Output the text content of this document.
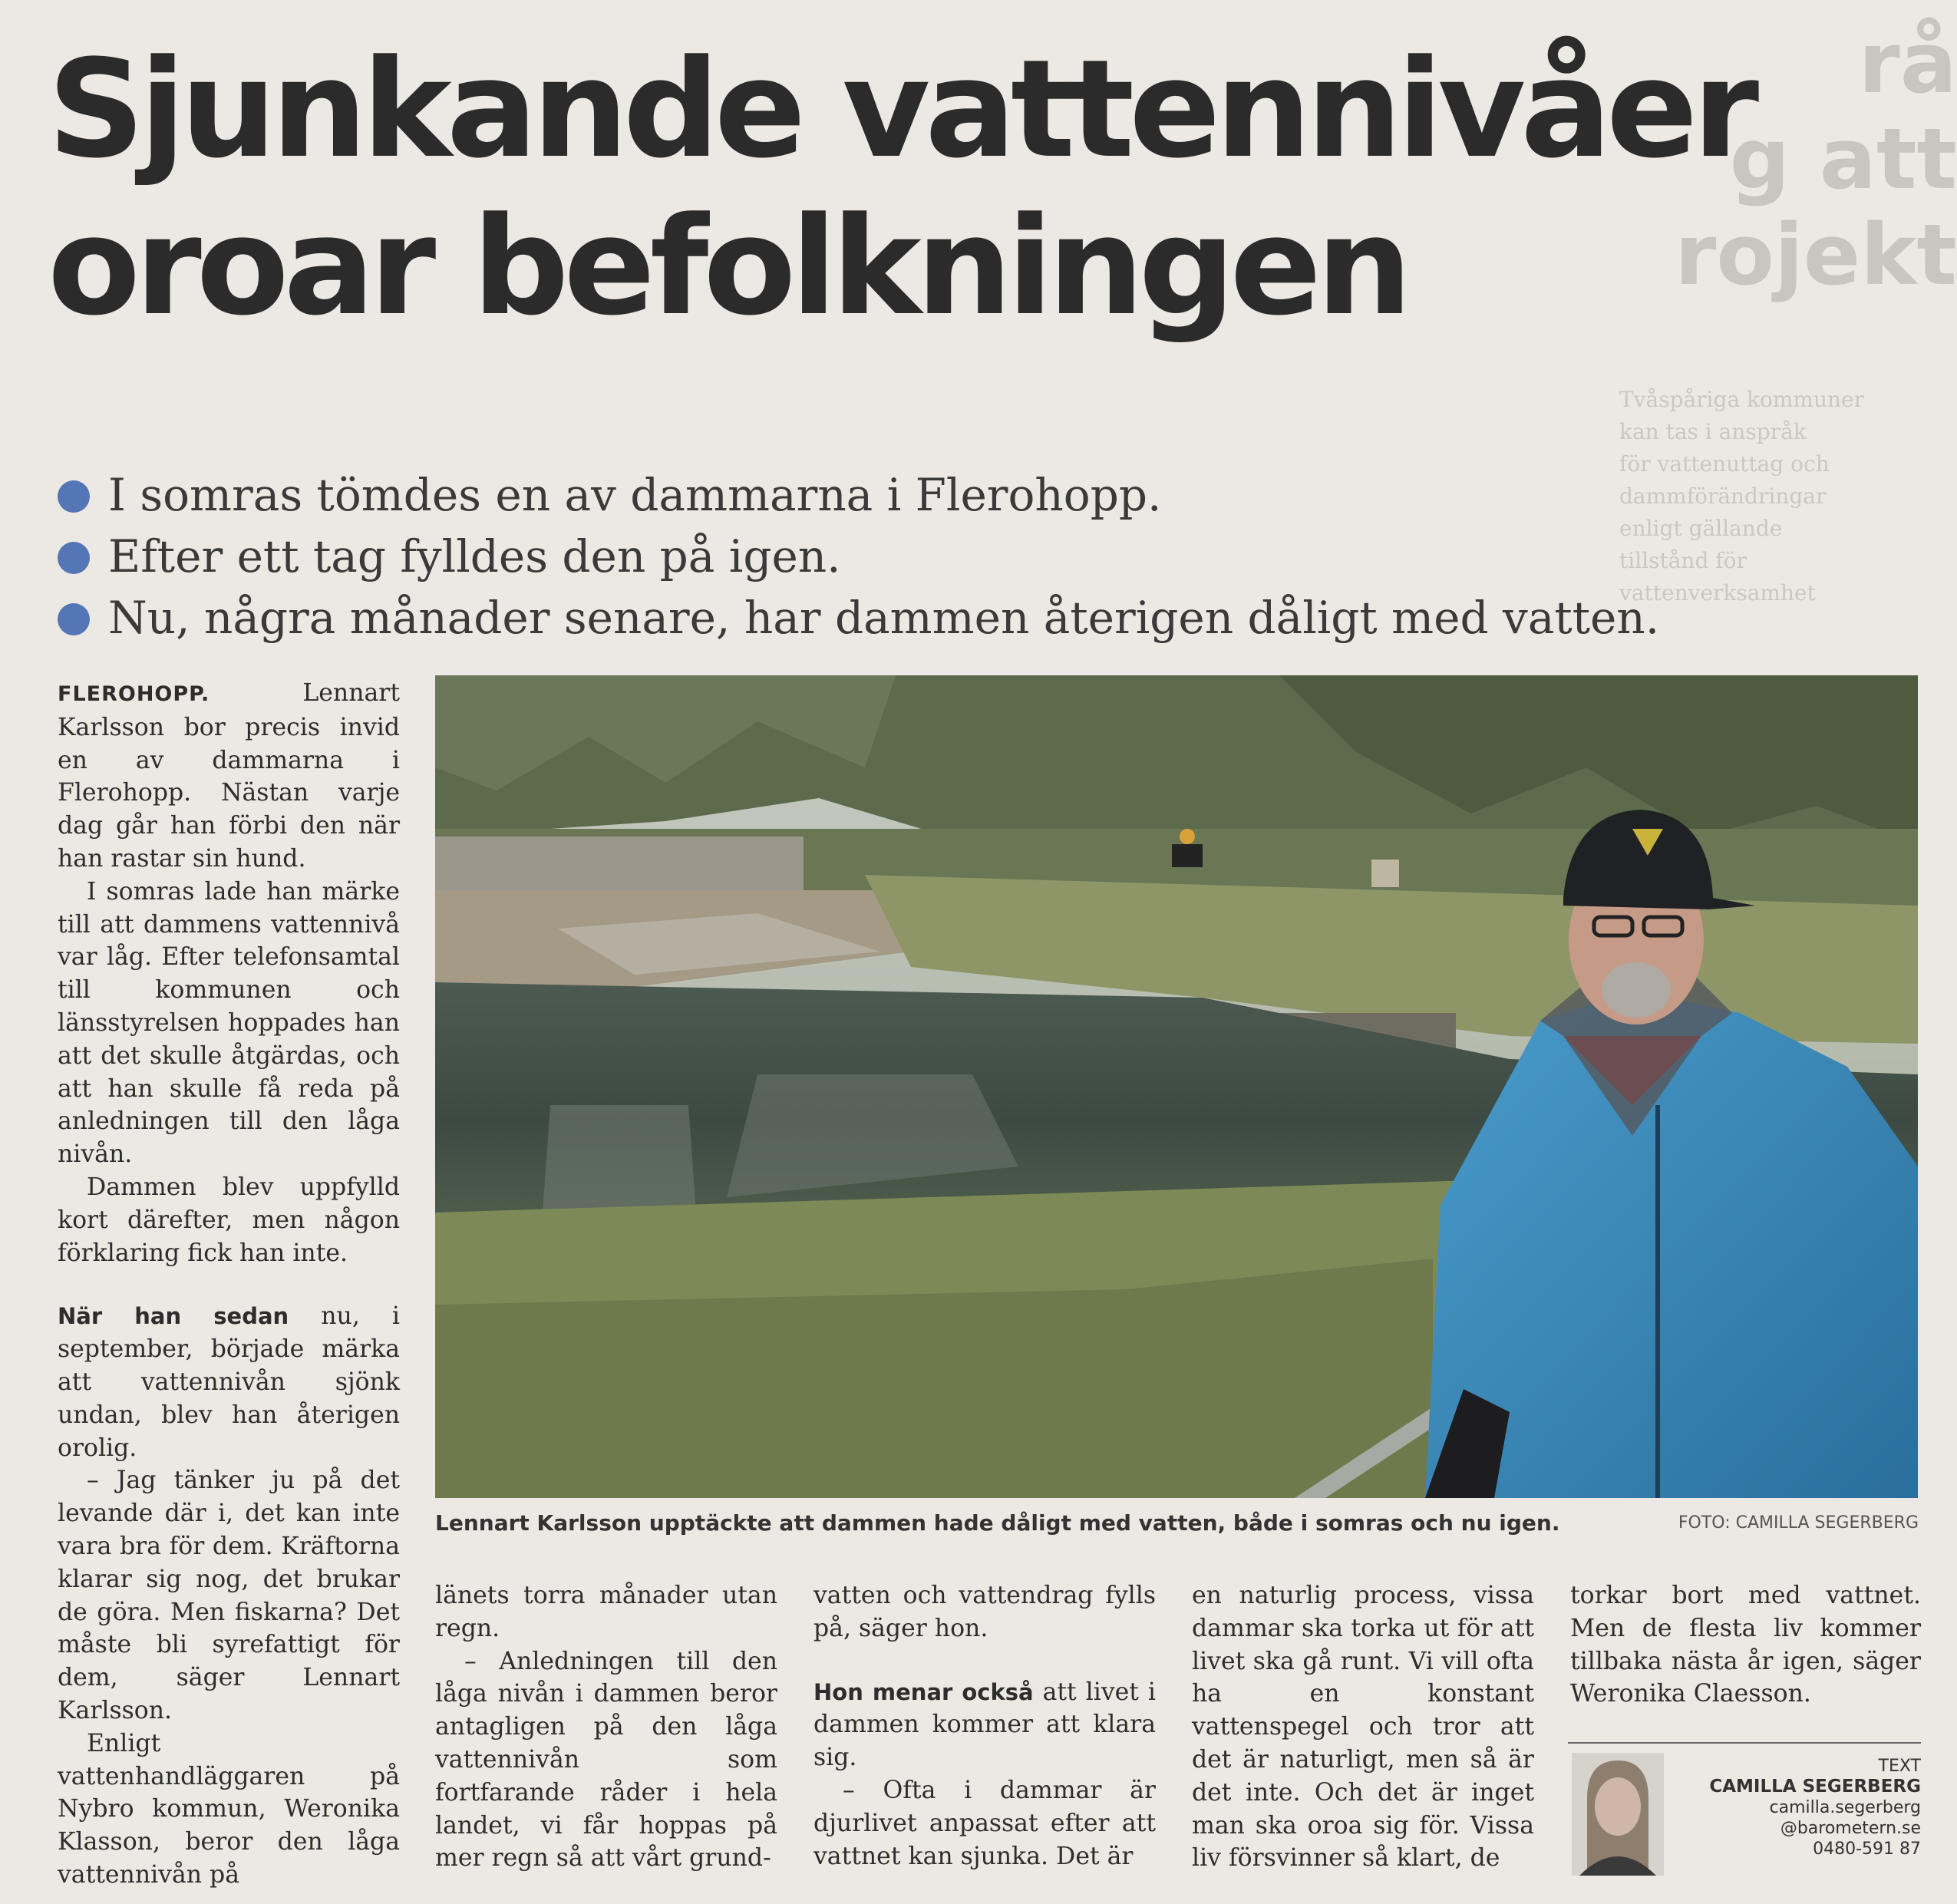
rå
g att
rojekt
Tvåspåriga kommuner
kan tas i anspråk
för vattenuttag och
dammförändringar
enligt gällande
tillstånd för
vattenverksamhet
Sjunkande vattennivåer
oroar befolkningen
I somras tömdes en av dammarna i Flerohopp.
Efter ett tag fylldes den på igen.
Nu, några månader senare, har dammen återigen dåligt med vatten.

FLEROHOPP.	Lennart Karlsson bor precis invid en av dammarna i Flerohopp. Nästan varje dag går han förbi den när han rastar sin hund.

I somras lade han märke till att dammens vattennivå var låg. Efter telefonsamtal till kommunen och länsstyrelsen hoppades han att det skulle åtgärdas, och att han skulle få reda på anledningen till den låga nivån.

Dammen blev uppfylld kort därefter, men någon förklaring fick han inte.

När han sedan nu, i september, började märka att vattennivån sjönk undan, blev han återigen orolig.

– Jag tänker ju på det levande där i, det kan inte vara bra för dem. Kräftorna klarar sig nog, det brukar de göra. Men fiskarna? Det måste bli syrefattigt för dem, säger Lennart Karlsson.

Enligt vattenhandläggaren på Nybro kommun, Weronika Klasson, beror den låga vattennivån på

Lennart Karlsson upptäckte att dammen hade dåligt med vatten, både i somras och nu igen.	FOTO: CAMILLA SEGERBERG

länets torra månader utan regn.

– Anledningen till den låga nivån i dammen beror antagligen på den låga vattennivån som fortfarande råder i hela landet, vi får hoppas på mer regn så att vårt grund-

vatten och vattendrag fylls på, säger hon.

Hon menar också att livet i dammen kommer att klara sig.

– Ofta i dammar är djurlivet anpassat efter att vattnet kan sjunka. Det är

en naturlig process, vissa dammar ska torka ut för att livet ska gå runt. Vi vill ofta ha en konstant vattenspegel och tror att det är naturligt, men så är det inte. Och det är inget man ska oroa sig för. Vissa liv försvinner så klart, de

torkar bort med vattnet. Men de flesta liv kommer tillbaka nästa år igen, säger Weronika Claesson.

TEXT
CAMILLA SEGERBERG
camilla.segerberg
@barometern.se
0480-591 87
